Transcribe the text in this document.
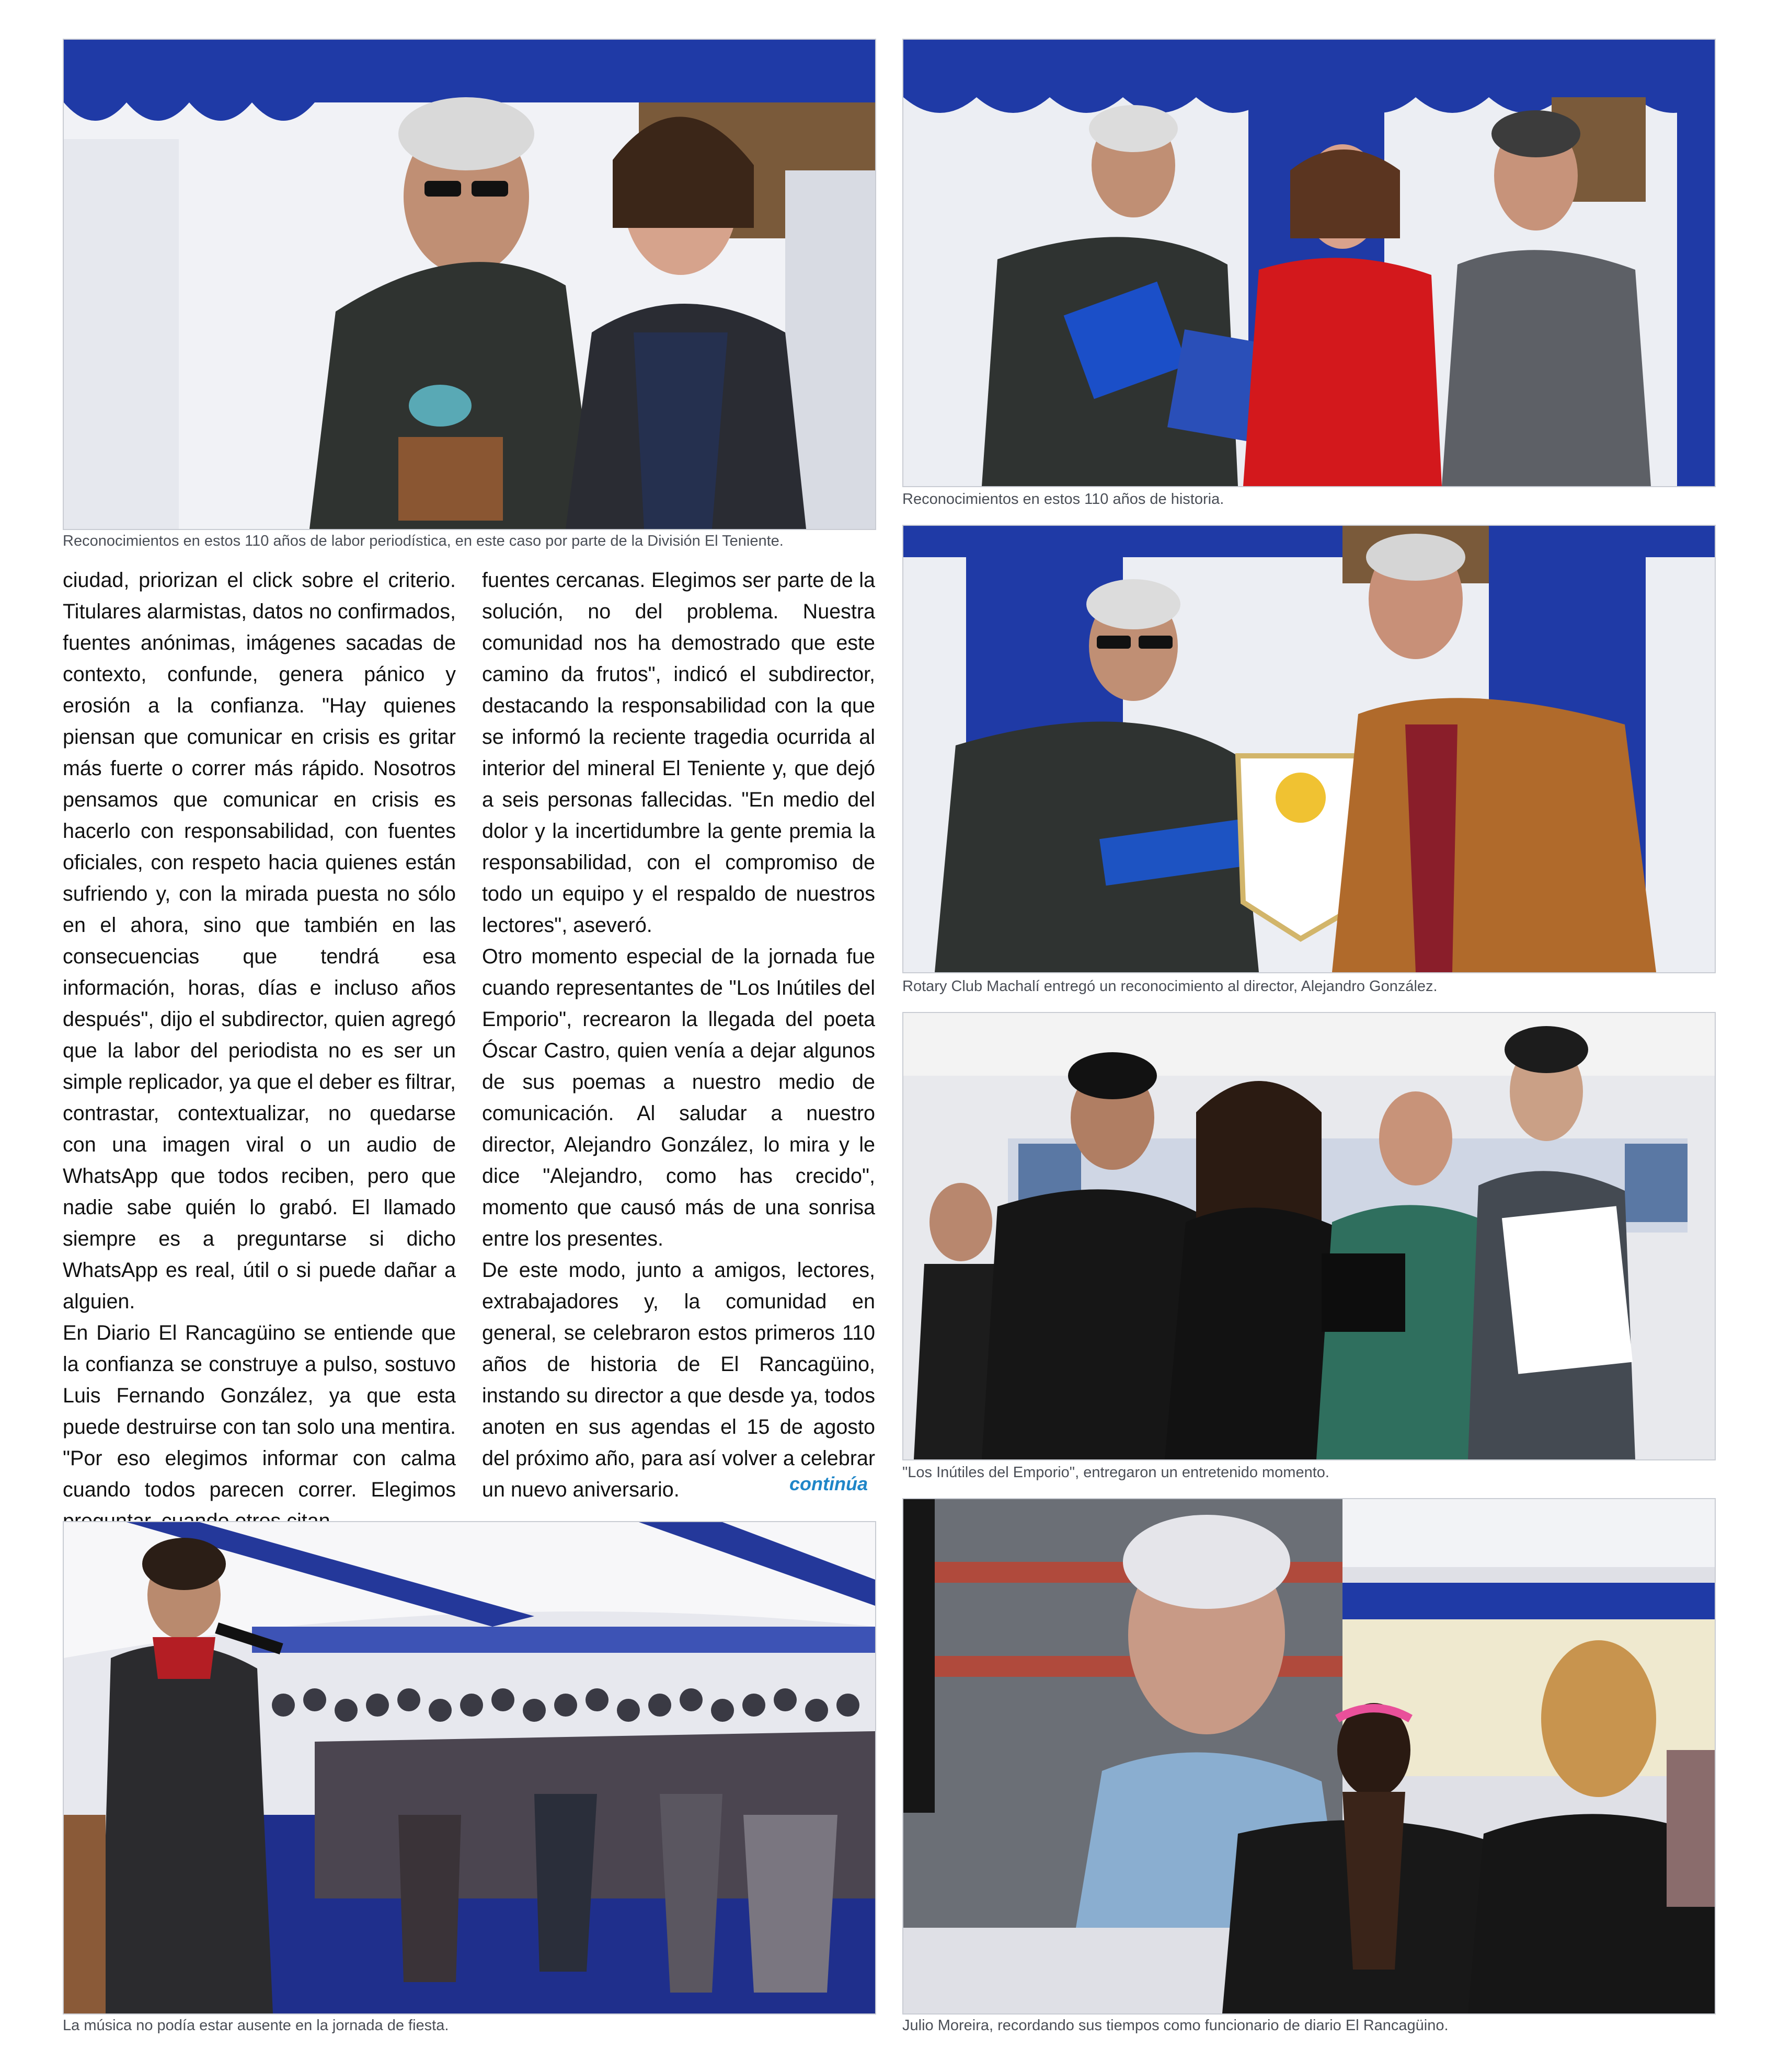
Reconocimientos en estos 110 años de labor periodística, en este caso por parte de la División El Teniente.

Reconocimientos en estos 110 años de historia.

ciudad, priorizan el click sobre el criterio. Titulares alarmistas, datos no confirmados, fuentes anónimas, imágenes sacadas de contexto, confunde, genera pánico y erosión a la confianza. "Hay quienes piensan que comunicar en crisis es gritar más fuerte o correr más rápido. Nosotros pensamos que comunicar en crisis es hacerlo con responsabilidad, con fuentes oficiales, con respeto hacia quienes están sufriendo y, con la mirada puesta no sólo en el ahora, sino que también en las consecuencias que tendrá esa información, horas, días e incluso años después", dijo el subdirector, quien agregó que la labor del periodista no es ser un simple replicador, ya que el deber es filtrar, contrastar, contextualizar, no quedarse con una imagen viral o un audio de WhatsApp que todos reciben, pero que nadie sabe quién lo grabó. El llamado siempre es a preguntarse si dicho WhatsApp es real, útil o si puede dañar a alguien.

En Diario El Rancagüino se entiende que la confianza se construye a pulso, sostuvo Luis Fernando González, ya que esta puede destruirse con tan solo una mentira. "Por eso elegimos informar con calma cuando todos parecen correr. Elegimos

fuentes cercanas. Elegimos ser parte de la solución, no del problema. Nuestra comunidad nos ha demostrado que este camino da frutos", indicó el subdirector, destacando la responsabilidad con la que se informó la reciente tragedia ocurrida al interior del mineral El Teniente y, que dejó a seis personas fallecidas. "En medio del dolor y la incertidumbre la gente premia la responsabilidad, con el compromiso de todo un equipo y el respaldo de nuestros lectores", aseveró.

Otro momento especial de la jornada fue cuando representantes de "Los Inútiles del Emporio", recrearon la llegada del poeta Óscar Castro, quien venía a dejar algunos de sus poemas a nuestro medio de comunicación. Al saludar a nuestro director, Alejandro González, lo mira y le dice "Alejandro, como has crecido", momento que causó más de una sonrisa entre los presentes.

De este modo, junto a amigos, lectores, extrabajadores y, la comunidad en general, se celebraron estos primeros 110 años de historia de El Rancagüino, instando su director a que desde ya, todos anoten en sus agendas el 15 de agosto del próximo año, para así volver a celebrar un nuevo aniversario.	continúa

Rotary Club Machalí entregó un reconocimiento al director, Alejandro González.

"Los Inútiles del Emporio", entregaron un entretenido momento.

La música no podía estar ausente en la jornada de fiesta.	Julio Moreira, recordando sus tiempos como funcionario de diario El Rancagüino.
